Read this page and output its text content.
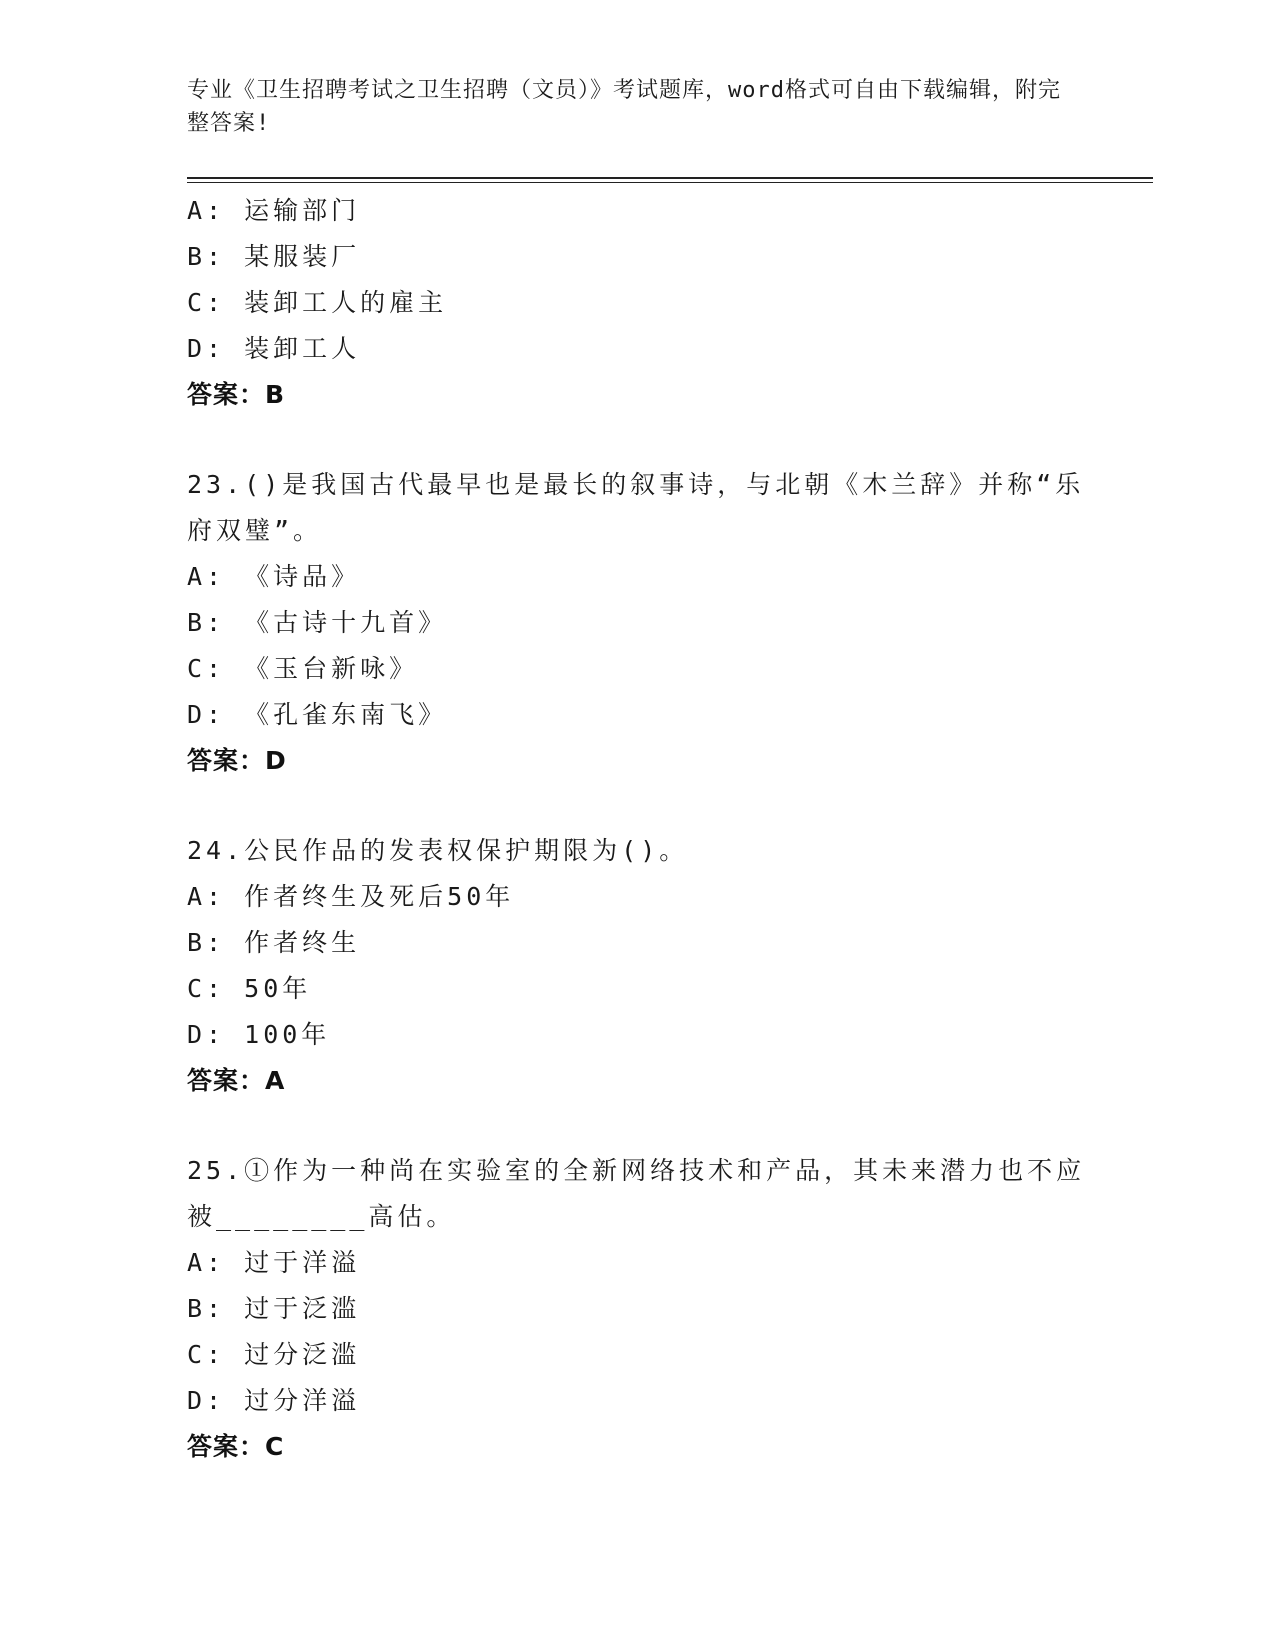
专业《卫生招聘考试之卫生招聘（文员）》考试题库，word格式可自由下载编辑，附完整答案!
A: 运输部门
B: 某服装厂
C: 装卸工人的雇主
D: 装卸工人
答案：B
23.()是我国古代最早也是最长的叙事诗，与北朝《木兰辞》并称“乐府双璧”。
A: 《诗品》
B: 《古诗十九首》
C: 《玉台新咏》
D: 《孔雀东南飞》
答案：D
24.公民作品的发表权保护期限为()。
A: 作者终生及死后50年
B: 作者终生
C: 50年
D: 100年
答案：A
25.①作为一种尚在实验室的全新网络技术和产品，其未来潜力也不应被________高估。
A: 过于洋溢
B: 过于泛滥
C: 过分泛滥
D: 过分洋溢
答案：C
